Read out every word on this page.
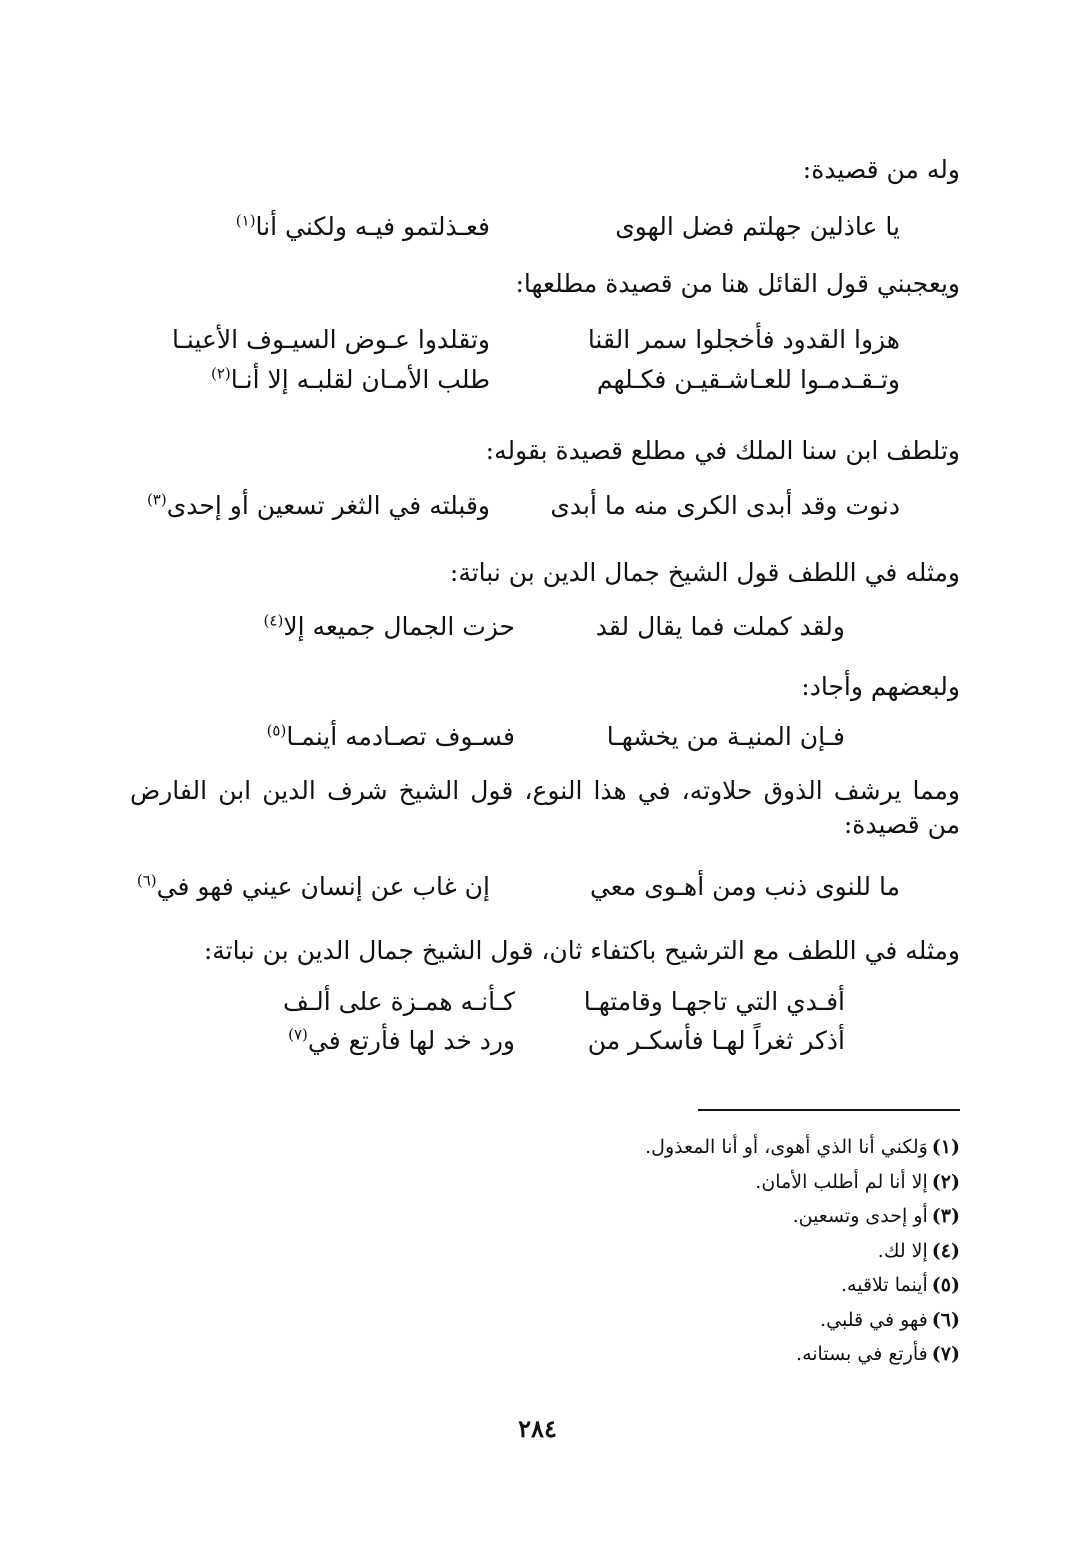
وله من قصيدة:
يا عاذلين جهلتم فضل الهوى
فعـذلتمو فيـه ولكني أنا$^{(١)}$
ويعجبني قول القائل هنا من قصيدة مطلعها:
هزوا القدود فأخجلوا سمر القنا
وتقلدوا عـوض السيـوف الأعينـا
وتـقـدمـوا للعـاشـقيـن فكـلهم
طلب الأمـان لقلبـه إلا أنـا$^{(٢)}$
وتلطف ابن سنا الملك في مطلع قصيدة بقوله:
دنوت وقد أبدى الكرى منه ما أبدى
وقبلته في الثغر تسعين أو إحدى$^{(٣)}$
ومثله في اللطف قول الشيخ جمال الدين بن نباتة:
ولقد كملت فما يقال لقد
حزت الجمال جميعه إلا$^{(٤)}$
ولبعضهم وأجاد:
فـإن المنيـة من يخشهـا
فسـوف تصـادمه أينمـا$^{(٥)}$
ومما يرشف الذوق حلاوته، في هذا النوع، قول الشيخ شرف الدين ابن الفارض من قصيدة:
ما للنوى ذنب ومن أهـوى معي
إن غاب عن إنسان عيني فهو في$^{(٦)}$
ومثله في اللطف مع الترشيح باكتفاء ثان، قول الشيخ جمال الدين بن نباتة:
أفـدي التي تاجهـا وقامتهـا
كـأنـه همـزة على ألـف
أذكر ثغراً لهـا فأسكـر من
ورد خد لها فأرتع في$^{(٧)}$
(١)وَلكني أنا الذي أهوى، أو أنا المعذول.
(٢)إلا أنا لم أطلب الأمان.
(٣)أو إحدى وتسعين.
(٤)إلا لك.
(٥)أينما تلاقيه.
(٦)فهو في قلبي.
(٧)فأرتع في بستانه.
٢٨٤
